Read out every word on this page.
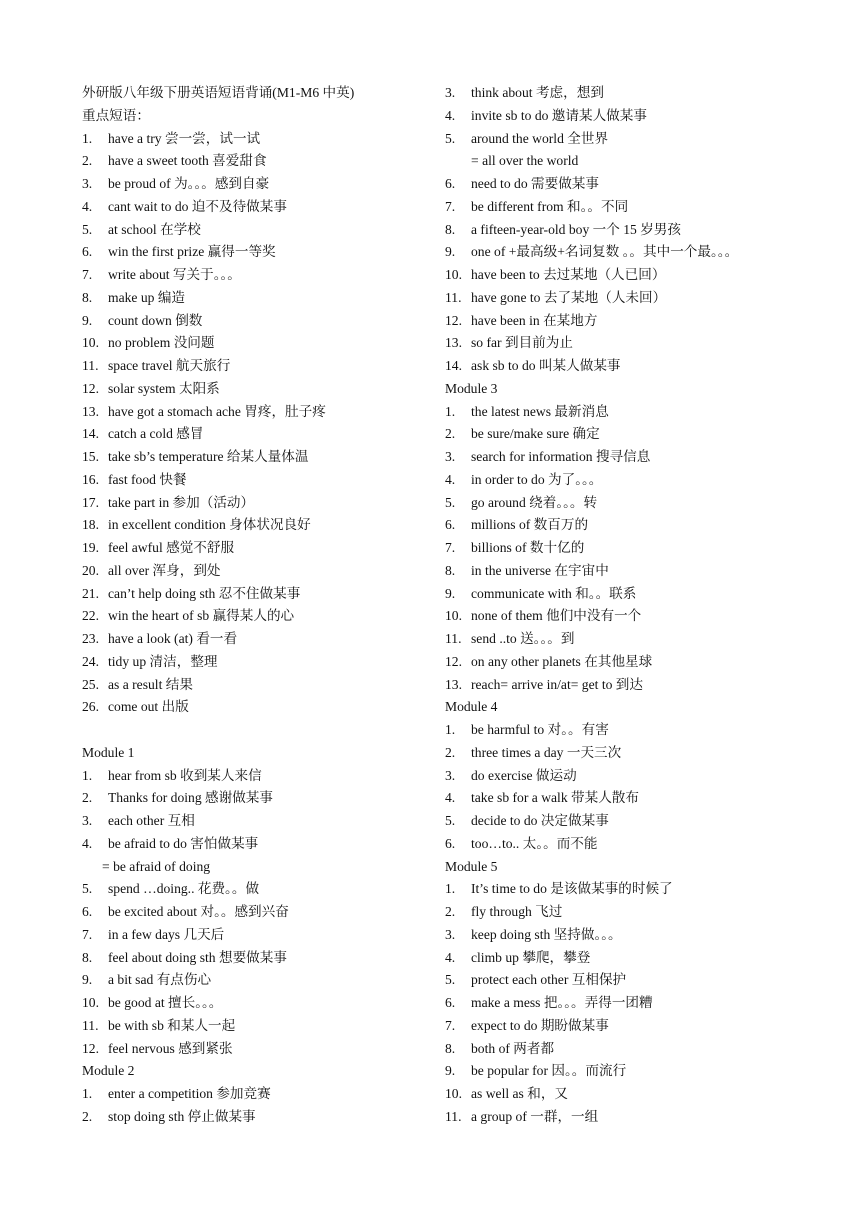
外研版八年级下册英语短语背诵(M1-M6 中英)
重点短语：
1. have a try 尝一尝，试一试
2. have a sweet tooth 喜爱甜食
3. be proud of 为。。。感到自豪
4. cant wait to do 迫不及待做某事
5. at school 在学校
6. win the first prize 赢得一等奖
7. write about 写关于。。。
8. make up 编造
9. count down 倒数
10. no problem 没问题
11. space travel 航天旅行
12. solar system 太阳系
13. have got a stomach ache 胃疼，肚子疼
14. catch a cold 感冒
15. take sb’s temperature 给某人量体温
16. fast food 快餐
17. take part in 参加（活动）
18. in excellent condition 身体状况良好
19. feel awful 感觉不舒服
20. all over 浑身，到处
21. can’t help doing sth 忍不住做某事
22. win the heart of sb 赢得某人的心
23. have a look (at) 看一看
24. tidy up 清洁，整理
25. as a result 结果
26. come out 出版
Module 1
1. hear from sb 收到某人来信
2. Thanks for doing 感谢做某事
3. each other 互相
4. be afraid to do 害怕做某事
= be afraid of doing
5. spend …doing.. 花费。。做
6. be excited about 对。。感到兴奋
7. in a few days 几天后
8. feel about doing sth 想要做某事
9. a bit sad 有点伤心
10. be good at 擅长。。。
11. be with sb 和某人一起
12. feel nervous 感到紧张
Module 2
1. enter a competition 参加竞赛
2. stop doing sth 停止做某事
3. think about 考虑，想到
4. invite sb to do 邀请某人做某事
5. around the world 全世界
= all over the world
6. need to do 需要做某事
7. be different from 和。。不同
8. a fifteen-year-old boy 一个 15 岁男孩
9. one of +最高级+名词复数 。。其中一个最。。。
10. have been to 去过某地（人已回）
11. have gone to 去了某地（人未回）
12. have been in 在某地方
13. so far 到目前为止
14. ask sb to do 叫某人做某事
Module 3
1. the latest news 最新消息
2. be sure/make sure 确定
3. search for information 搜寻信息
4. in order to do 为了。。。
5. go around 绕着。。。转
6. millions of 数百万的
7. billions of 数十亿的
8. in the universe 在宇宙中
9. communicate with 和。。联系
10. none of them 他们中没有一个
11. send ..to 送。。。到
12. on any other planets 在其他星球
13. reach= arrive in/at= get to 到达
Module 4
1. be harmful to 对。。有害
2. three times a day 一天三次
3. do exercise 做运动
4. take sb for a walk 带某人散布
5. decide to do 决定做某事
6. too…to.. 太。。而不能
Module 5
1. It’s time to do 是该做某事的时候了
2. fly through 飞过
3. keep doing sth 坚持做。。。
4. climb up 攀爬，攀登
5. protect each other 互相保护
6. make a mess 把。。。弄得一团糟
7. expect to do 期盼做某事
8. both of 两者都
9. be popular for 因。。而流行
10. as well as 和，又
11. a group of 一群，一组
